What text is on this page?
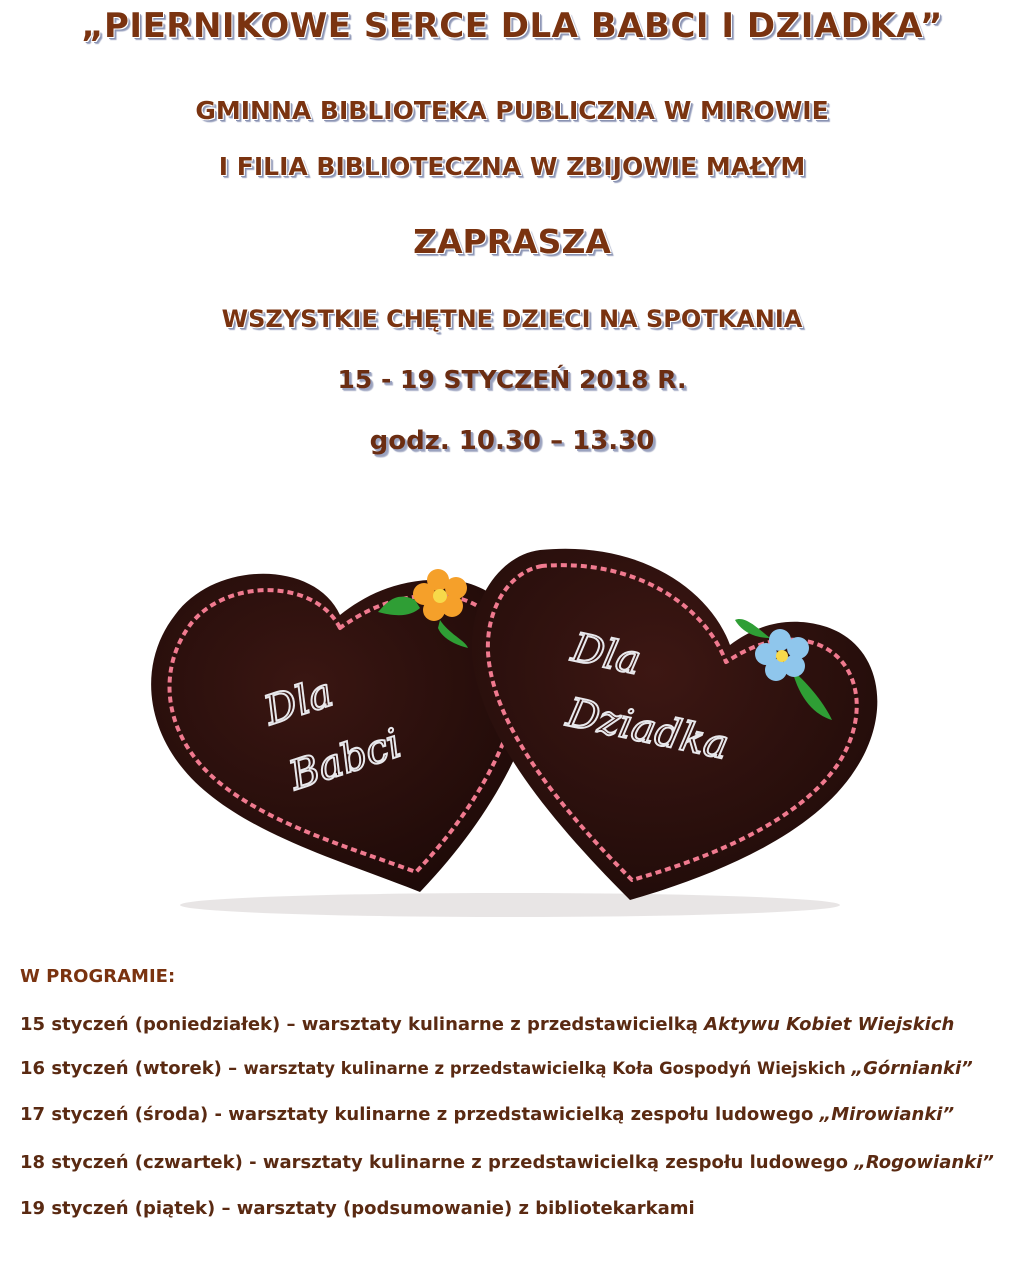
„PIERNIKOWE SERCE DLA BABCI I DZIADKA”
GMINNA BIBLIOTEKA PUBLICZNA W MIROWIE
I FILIA BIBLIOTECZNA W ZBIJOWIE MAŁYM
ZAPRASZA
WSZYSTKIE CHĘTNE DZIECI NA SPOTKANIA
15 - 19 STYCZEŃ 2018 R.
godz. 10.30 – 13.30
Dla
Babci
Dla
Dziadka
W PROGRAMIE:
15 styczeń (poniedziałek) – warsztaty kulinarne z przedstawicielką Aktywu Kobiet Wiejskich
16 styczeń (wtorek) – warsztaty kulinarne z przedstawicielką Koła Gospodyń Wiejskich „Górnianki”
17 styczeń (środa) - warsztaty kulinarne z przedstawicielką zespołu ludowego „Mirowianki”
18 styczeń (czwartek) - warsztaty kulinarne z przedstawicielką zespołu ludowego „Rogowianki”
19 styczeń (piątek) – warsztaty (podsumowanie) z bibliotekarkami
